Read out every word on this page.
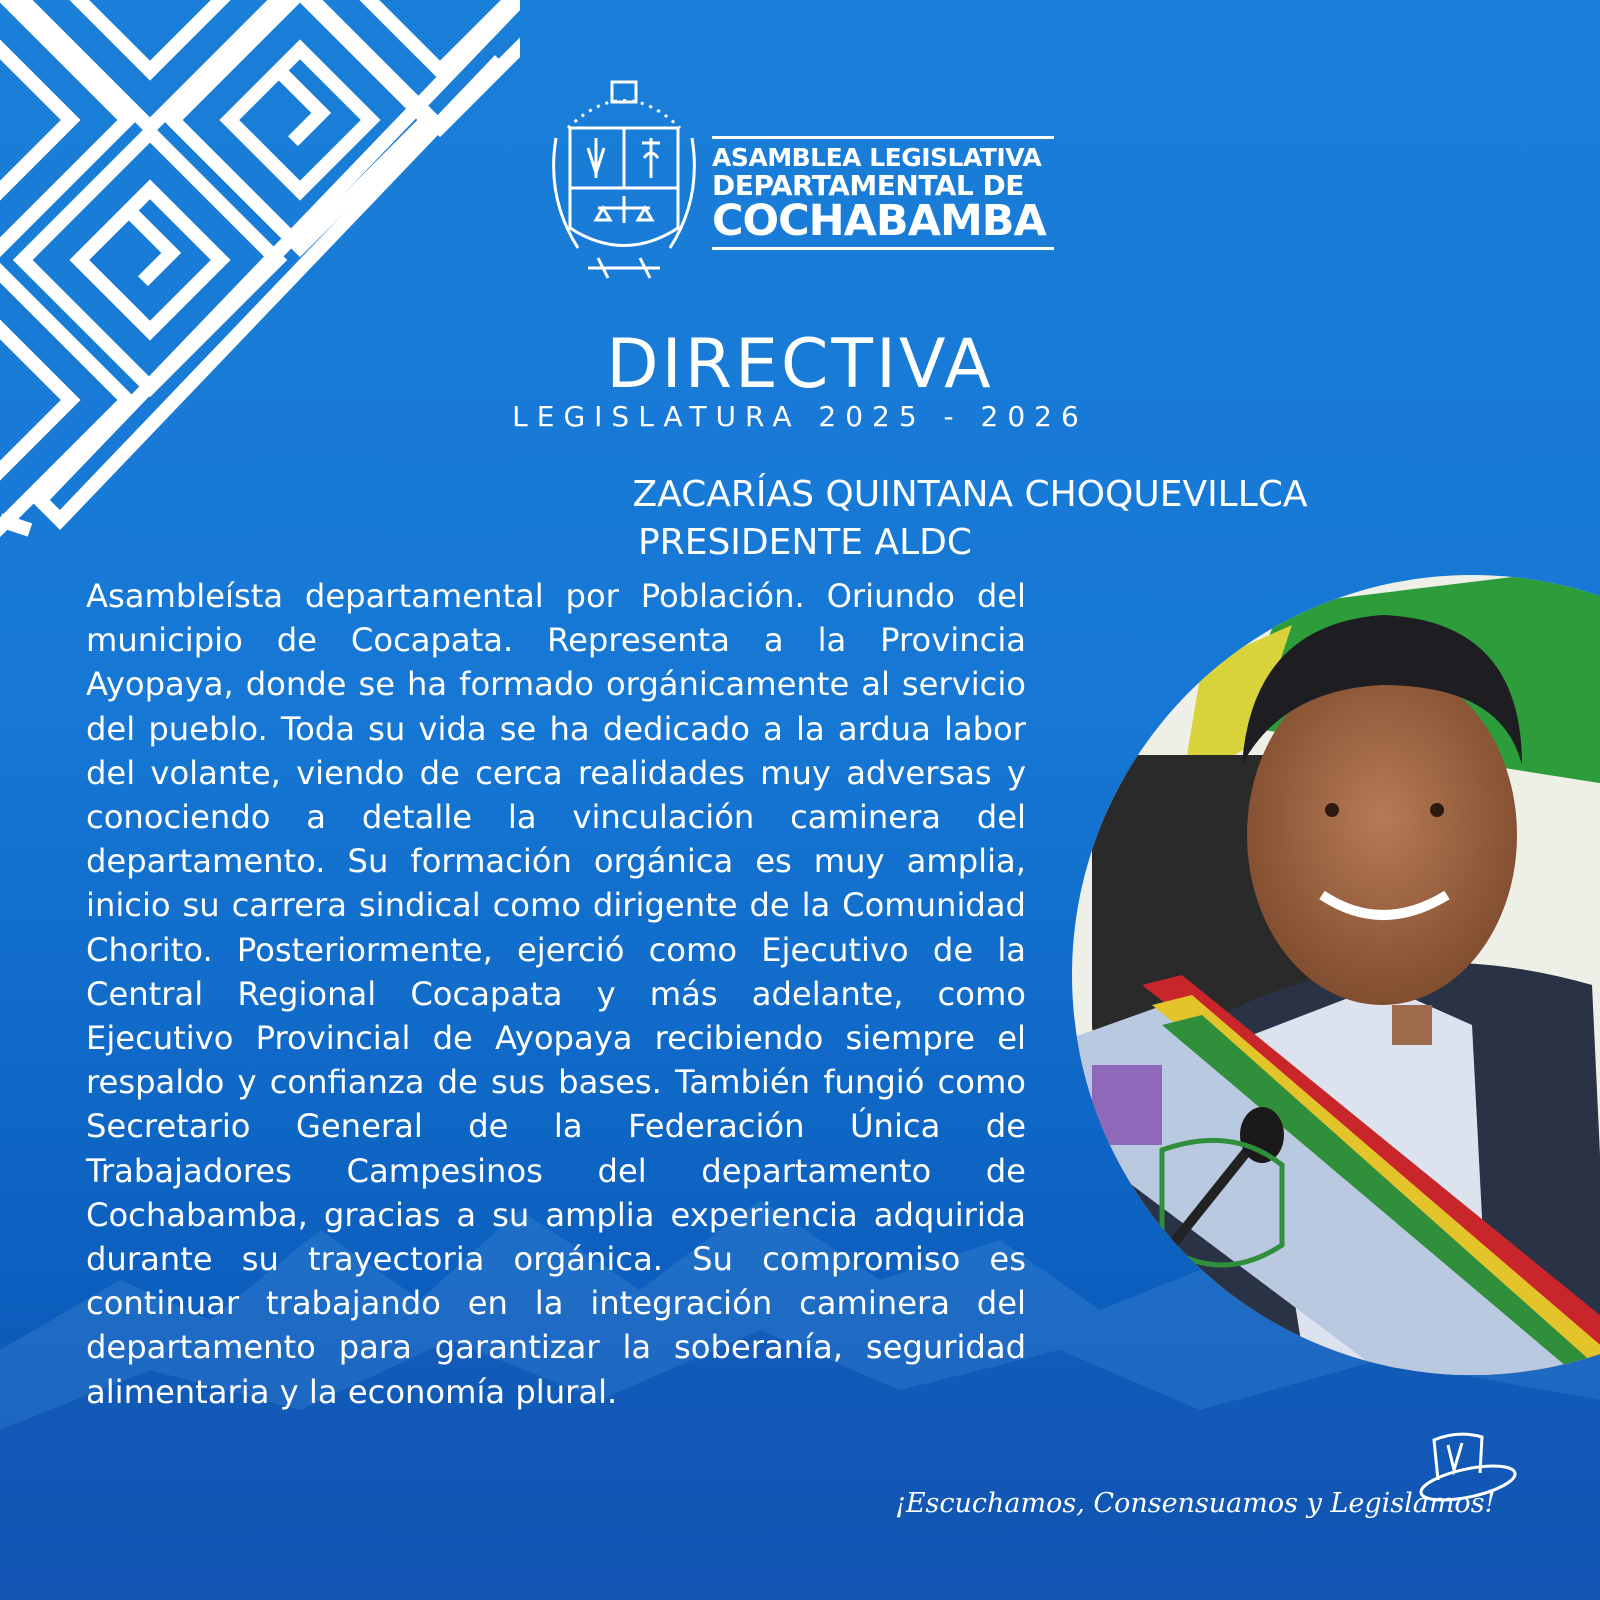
ASAMBLEA LEGISLATIVA
DEPARTAMENTAL DE
COCHABAMBA
DIRECTIVA
LEGISLATURA 2025 - 2026
ZACARÍAS QUINTANA CHOQUEVILLCA
PRESIDENTE ALDC

Asambleísta departamental por Población. Oriundo del municipio de Cocapata. Representa a la Provincia Ayopaya, donde se ha formado orgánicamente al servicio del pueblo. Toda su vida se ha dedicado a la ardua labor del volante, viendo de cerca realidades muy adversas y conociendo a detalle la vinculación caminera del departamento. Su formación orgánica es muy amplia, inicio su carrera sindical como dirigente de la Comunidad Chorito. Posteriormente, ejerció como Ejecutivo de la Central Regional Cocapata y más adelante, como Ejecutivo Provincial de Ayopaya recibiendo siempre el respaldo y confianza de sus bases. También fungió como Secretario General de la Federación Única de Trabajadores Campesinos del departamento de Cochabamba, gracias a su amplia experiencia adquirida durante su trayectoria orgánica. Su compromiso es continuar trabajando en la integración caminera del departamento para garantizar la soberanía, seguridad alimentaria y la economía plural.

¡Escuchamos, Consensuamos y Legislamos!
